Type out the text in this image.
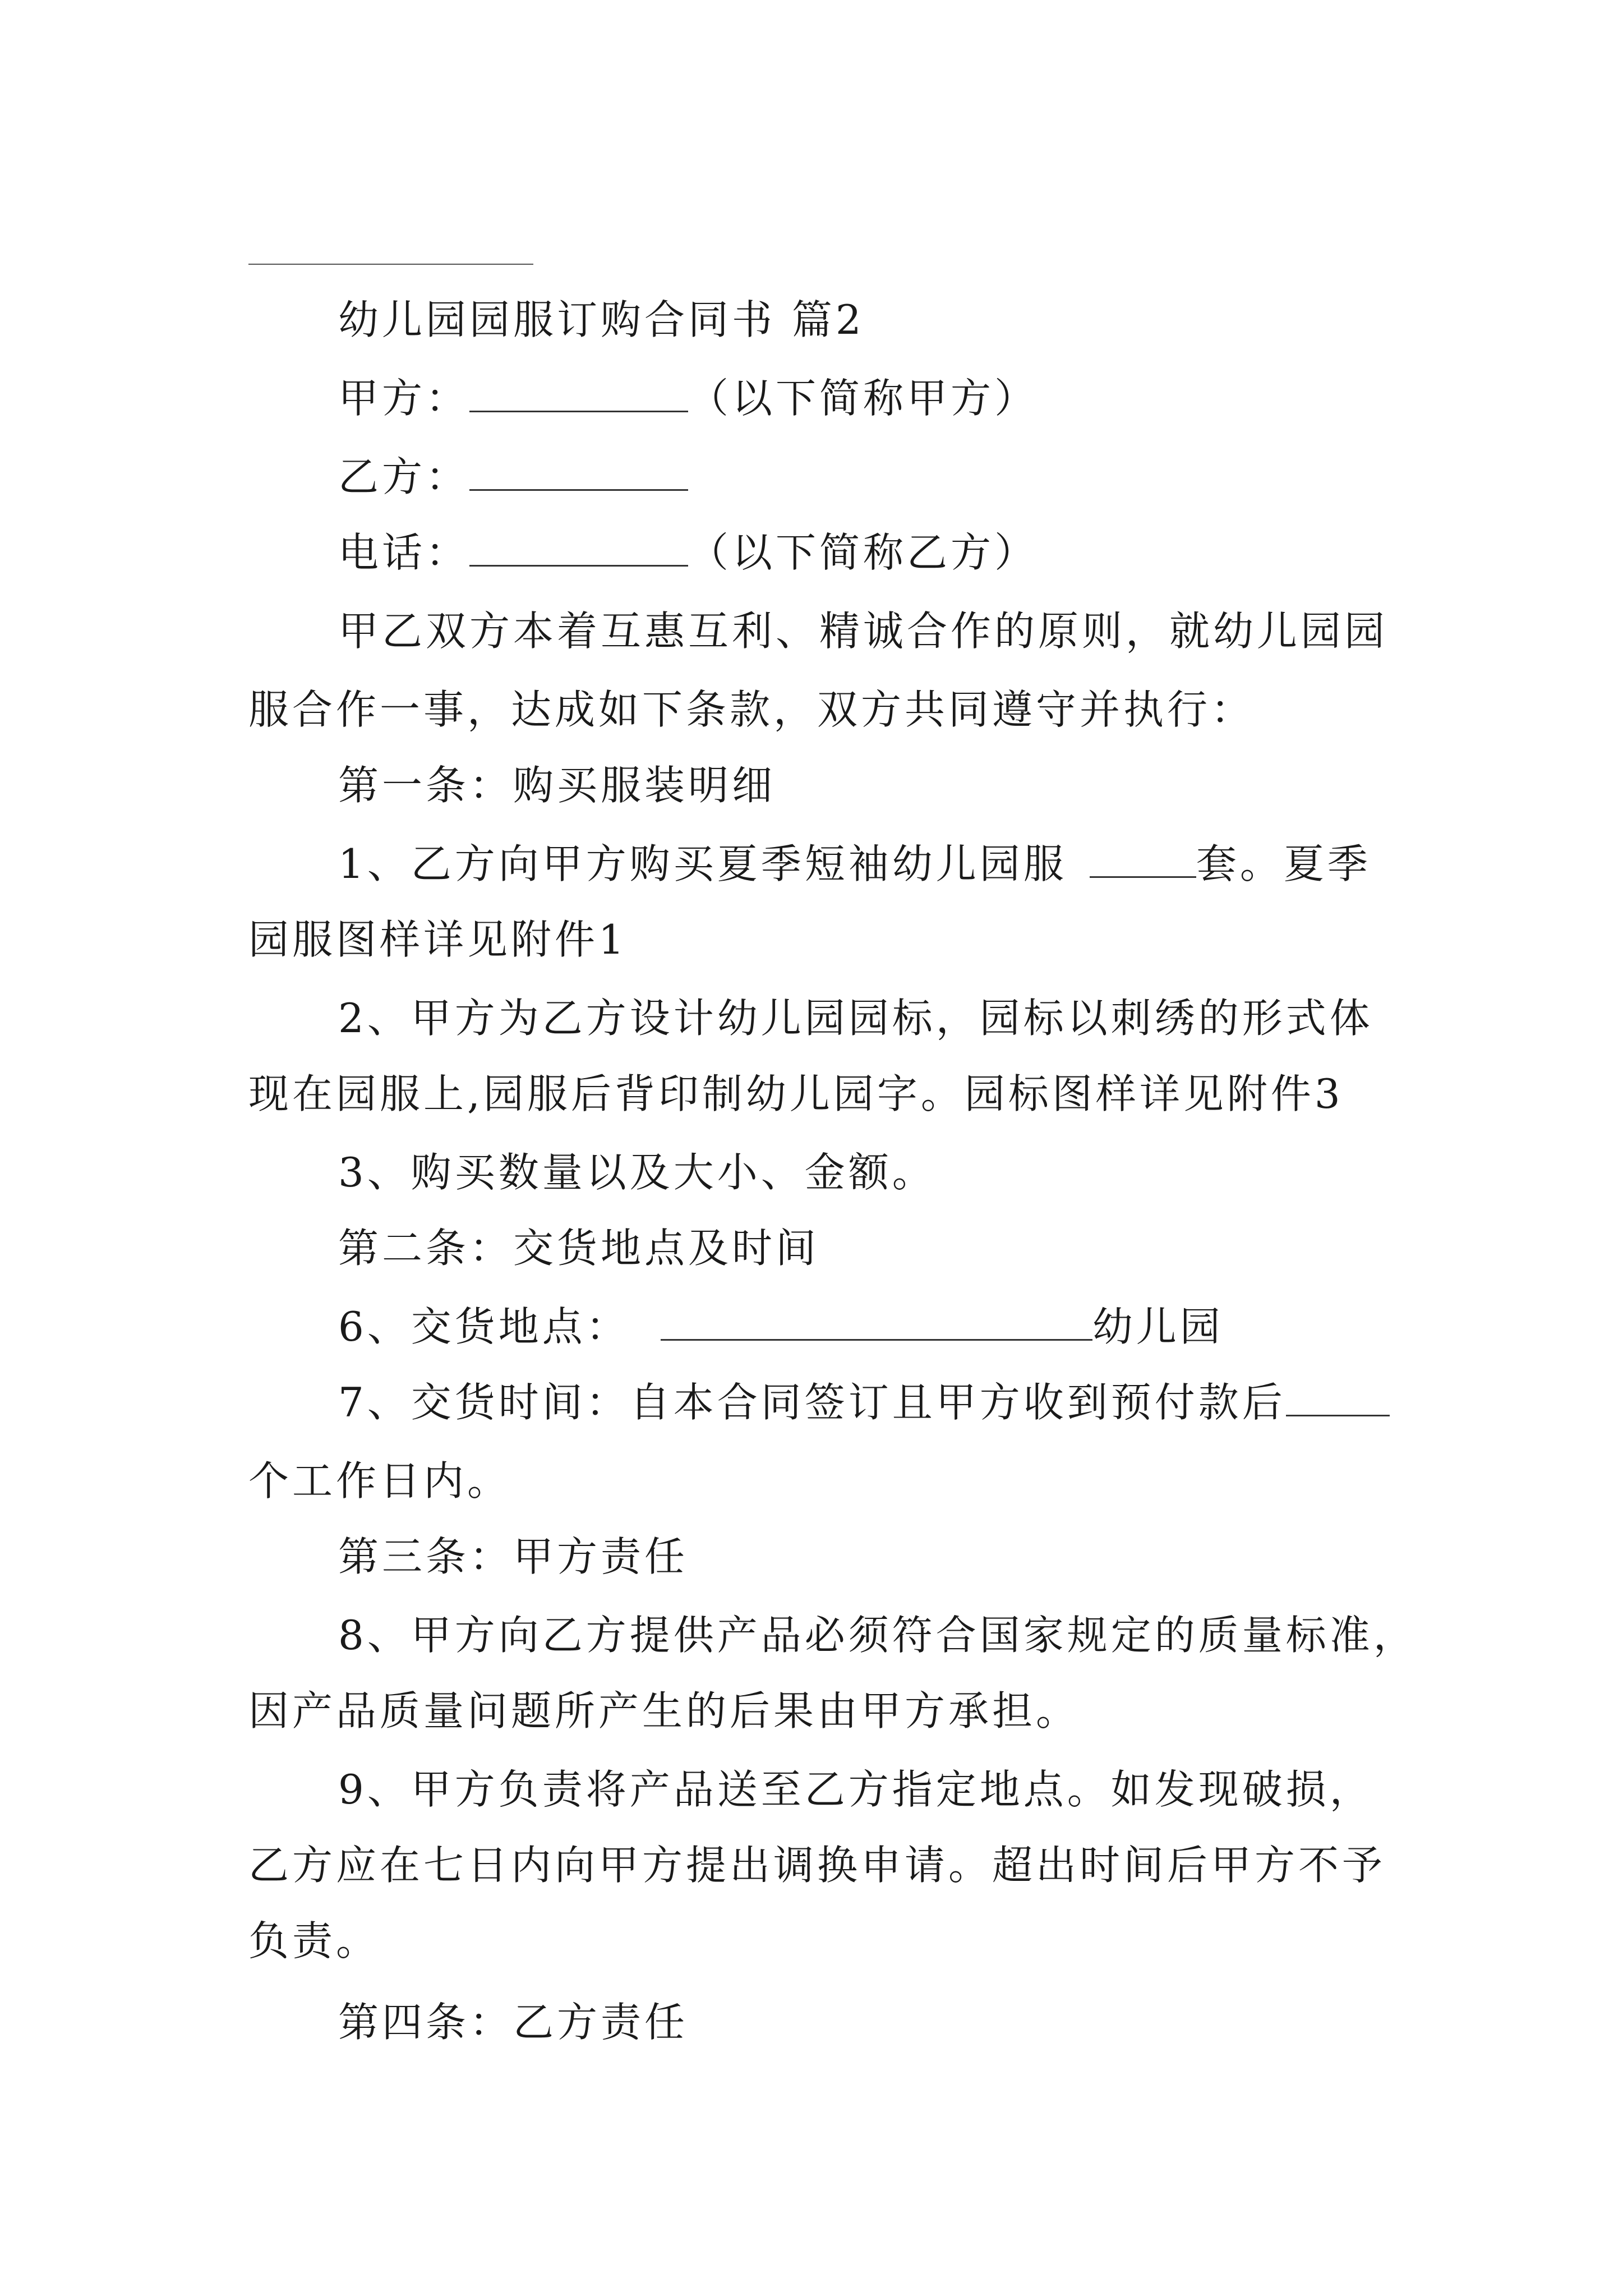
幼儿园园服订购合同书 篇2
甲方：	（以下简称甲方）
乙方：
电话：	（以下简称乙方）
甲乙双方本着互惠互利、精诚合作的原则，就幼儿园园
服合作一事，达成如下条款，双方共同遵守并执行：
第一条：购买服装明细
1、乙方向甲方购买夏季短袖幼儿园服	套。夏季
园服图样详见附件1
2、甲方为乙方设计幼儿园园标，园标以刺绣的形式体
现在园服上,园服后背印制幼儿园字。园标图样详见附件3
3、购买数量以及大小、金额。
第二条：交货地点及时间
6、交货地点：	幼儿园
7、交货时间：自本合同签订且甲方收到预付款后
个工作日内。
第三条：甲方责任
8、甲方向乙方提供产品必须符合国家规定的质量标准，
因产品质量问题所产生的后果由甲方承担。
9、甲方负责将产品送至乙方指定地点。如发现破损，
乙方应在七日内向甲方提出调换申请。超出时间后甲方不予
负责。
第四条：乙方责任
